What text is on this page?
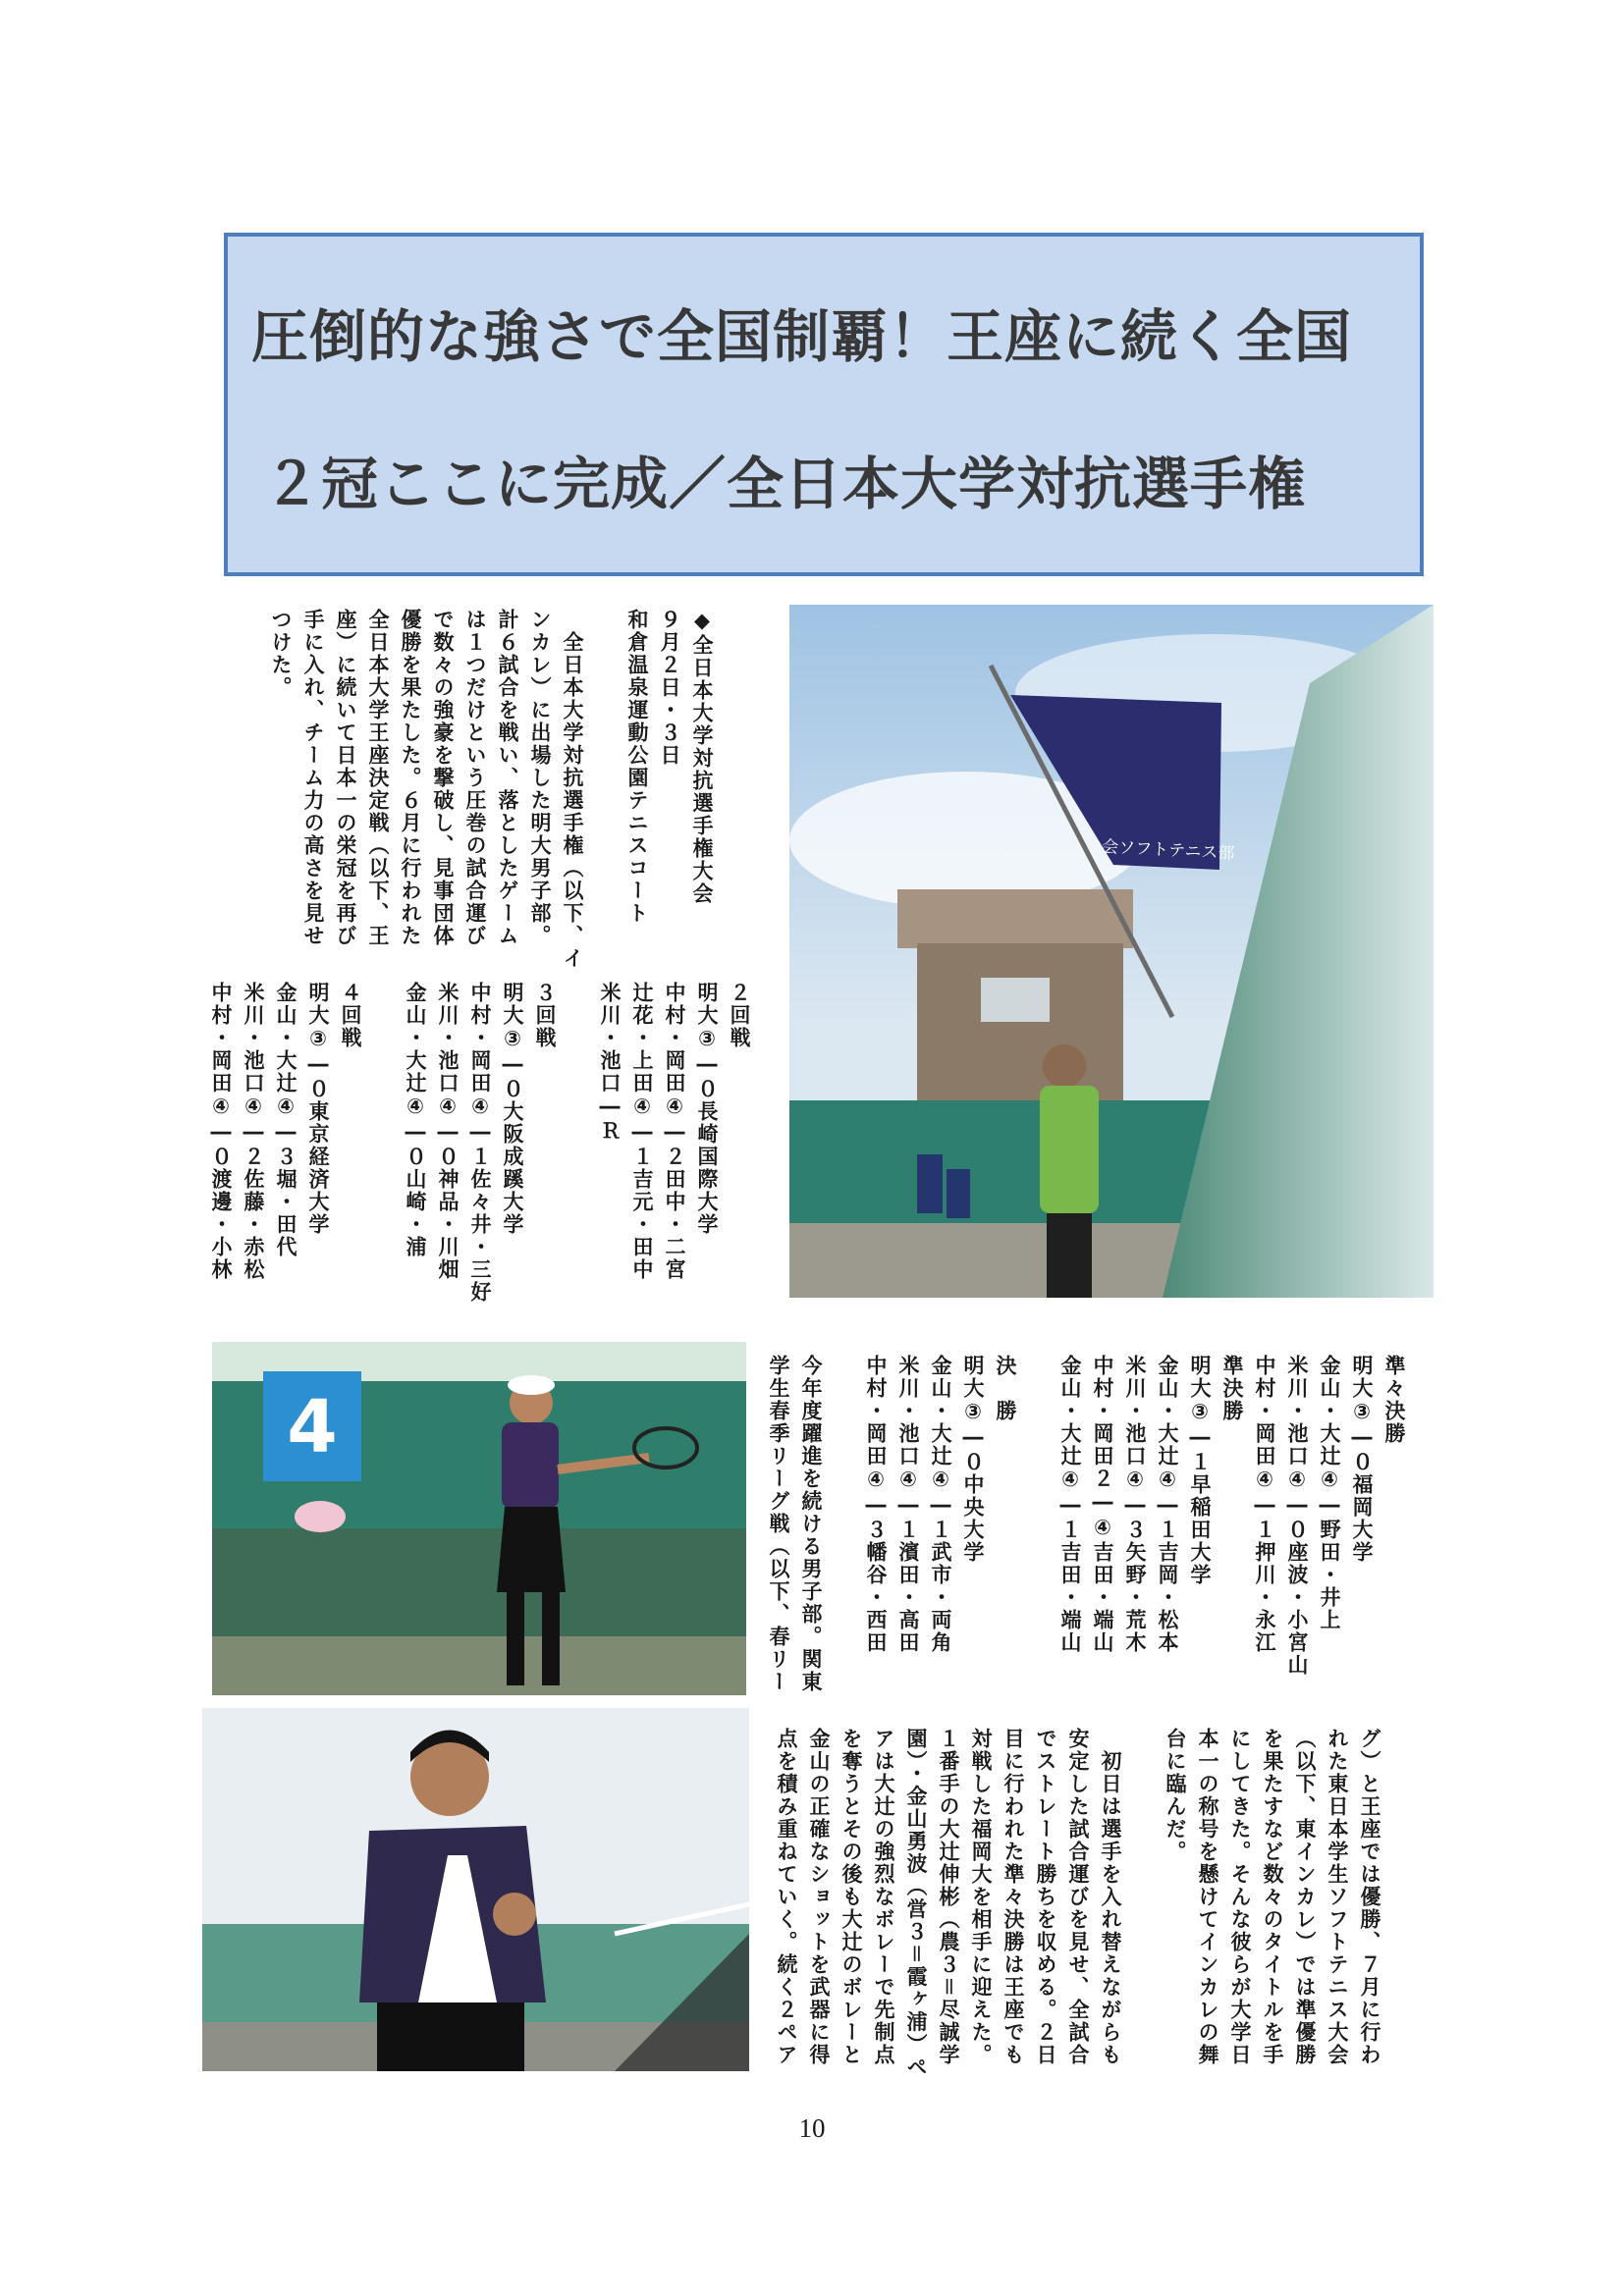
圧倒的な強さで全国制覇！王座に続く全国
２冠ここに完成／全日本大学対抗選手権
◆全日本大学対抗選手権大会
９月２日・３日
和倉温泉運動公園テニスコート

　全日本大学対抗選手権（以下、イ
ンカレ）に出場した明大男子部。
計６試合を戦い、落としたゲーム
は１つだけという圧巻の試合運び
で数々の強豪を撃破し、見事団体
優勝を果たした。６月に行われた
全日本大学王座決定戦（以下、王
座）に続いて日本一の栄冠を再び
手に入れ、チーム力の高さを見せ
つけた。
２回戦
明大③―０長崎国際大学
中村・岡田④―２田中・二宮
辻花・上田④―１吉元・田中
米川・池口―Ｒ

３回戦
明大③―０大阪成蹊大学
中村・岡田④―１佐々井・三好
米川・池口④―０神品・川畑
金山・大辻④―０山崎・浦

４回戦
明大③―０東京経済大学
金山・大辻④―３堀・田代
米川・池口④―２佐藤・赤松
中村・岡田④―０渡邊・小林
準々決勝
明大③―０福岡大学
金山・大辻④―野田・井上
米川・池口④―０座波・小宮山
中村・岡田④―１押川・永江
準決勝
明大③―１早稲田大学
金山・大辻④―１吉岡・松本
米川・池口④―３矢野・荒木
中村・岡田２―④吉田・端山
金山・大辻④―１吉田・端山

決　勝
明大③―０中央大学
金山・大辻④―１武市・両角
米川・池口④―１濱田・高田
中村・岡田④―３幡谷・西田

今年度躍進を続ける男子部。関東
学生春季リーグ戦（以下、春リー
グ）と王座では優勝、７月に行わ
れた東日本学生ソフトテニス大会
（以下、東インカレ）では準優勝
を果たすなど数々のタイトルを手
にしてきた。そんな彼らが大学日
本一の称号を懸けてインカレの舞
台に臨んだ。

　初日は選手を入れ替えながらも
安定した試合運びを見せ、全試合
でストレート勝ちを収める。２日
目に行われた準々決勝は王座でも
対戦した福岡大を相手に迎えた。
１番手の大辻伸彬（農３＝尽誠学
園）・金山勇波（営３＝霞ヶ浦）ペ
アは大辻の強烈なボレーで先制点
を奪うとその後も大辻のボレーと
金山の正確なショットを武器に得
点を積み重ねていく。続く２ペア
会ソフトテニス部
4
10
